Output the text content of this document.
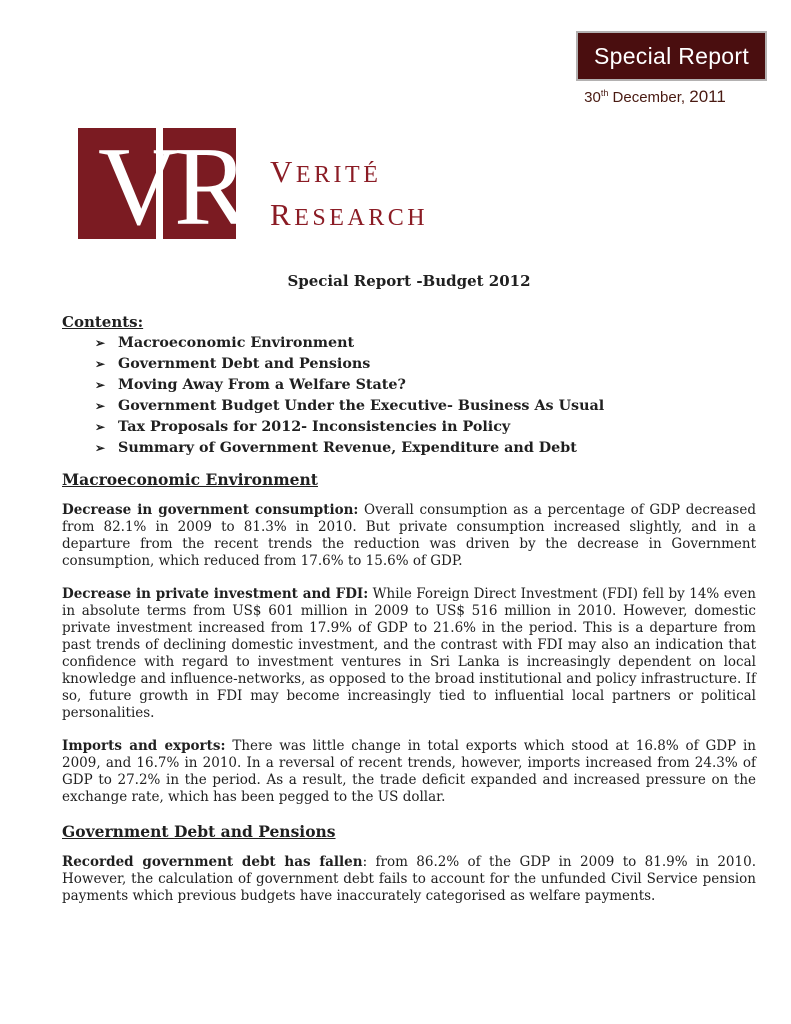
Special Report
30th December, 2011
V
R VERITÉ
RESEARCH
Special Report -Budget 2012
Contents:
➢ Macroeconomic Environment
➢ Government Debt and Pensions
➢ Moving Away From a Welfare State?
➢ Government Budget Under the Executive- Business As Usual
➢ Tax Proposals for 2012- Inconsistencies in Policy
➢ Summary of Government Revenue, Expenditure and Debt
Macroeconomic Environment

Decrease in government consumption: Overall consumption as a percentage of GDP decreased from 82.1% in 2009 to 81.3% in 2010. But private consumption increased slightly, and in a departure from the recent trends the reduction was driven by the decrease in Government consumption, which reduced from 17.6% to 15.6% of GDP.

Decrease in private investment and FDI: While Foreign Direct Investment (FDI) fell by 14% even in absolute terms from US$ 601 million in 2009 to US$ 516 million in 2010. However, domestic private investment increased from 17.9% of GDP to 21.6% in the period. This is a departure from past trends of declining domestic investment, and the contrast with FDI may also an indication that confidence with regard to investment ventures in Sri Lanka is increasingly dependent on local knowledge and influence-networks, as opposed to the broad institutional and policy infrastructure. If so, future growth in FDI may become increasingly tied to influential local partners or political personalities.

Imports and exports: There was little change in total exports which stood at 16.8% of GDP in 2009, and 16.7% in 2010. In a reversal of recent trends, however, imports increased from 24.3% of GDP to 27.2% in the period. As a result, the trade deficit expanded and increased pressure on the exchange rate, which has been pegged to the US dollar.

Government Debt and Pensions

Recorded government debt has fallen: from 86.2% of the GDP in 2009 to 81.9% in 2010. However, the calculation of government debt fails to account for the unfunded Civil Service pension payments which previous budgets have inaccurately categorised as welfare payments.
